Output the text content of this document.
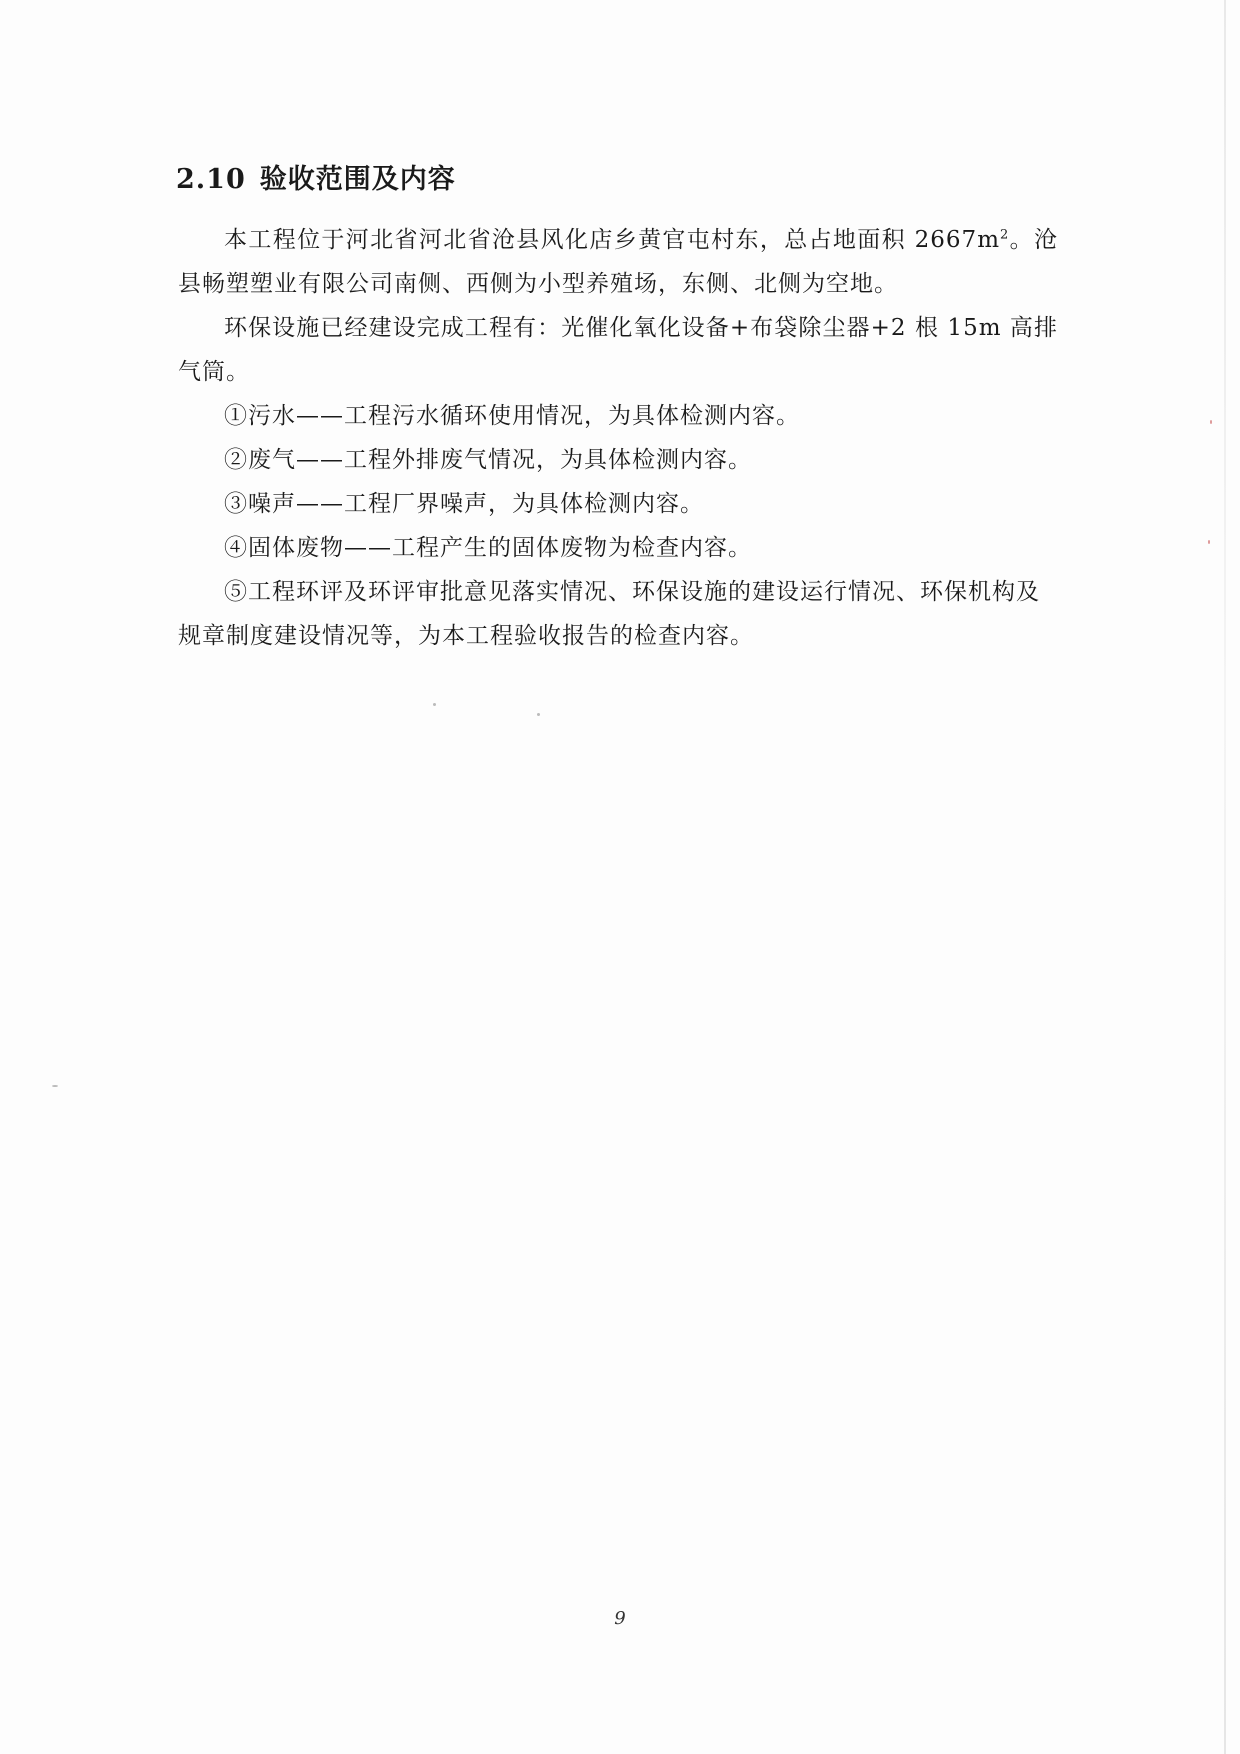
2.10 验收范围及内容

本工程位于河北省河北省沧县风化店乡黄官屯村东，总占地面积 $2667m^2$。沧县畅塑塑业有限公司南侧、西侧为小型养殖场，东侧、北侧为空地。

环保设施已经建设完成工程有：光催化氧化设备+布袋除尘器+2 根 15m 高排气筒。

①污水——工程污水循环使用情况，为具体检测内容。

②废气——工程外排废气情况，为具体检测内容。

③噪声——工程厂界噪声，为具体检测内容。

④固体废物——工程产生的固体废物为检查内容。

⑤工程环评及环评审批意见落实情况、环保设施的建设运行情况、环保机构及规章制度建设情况等，为本工程验收报告的检查内容。

9
